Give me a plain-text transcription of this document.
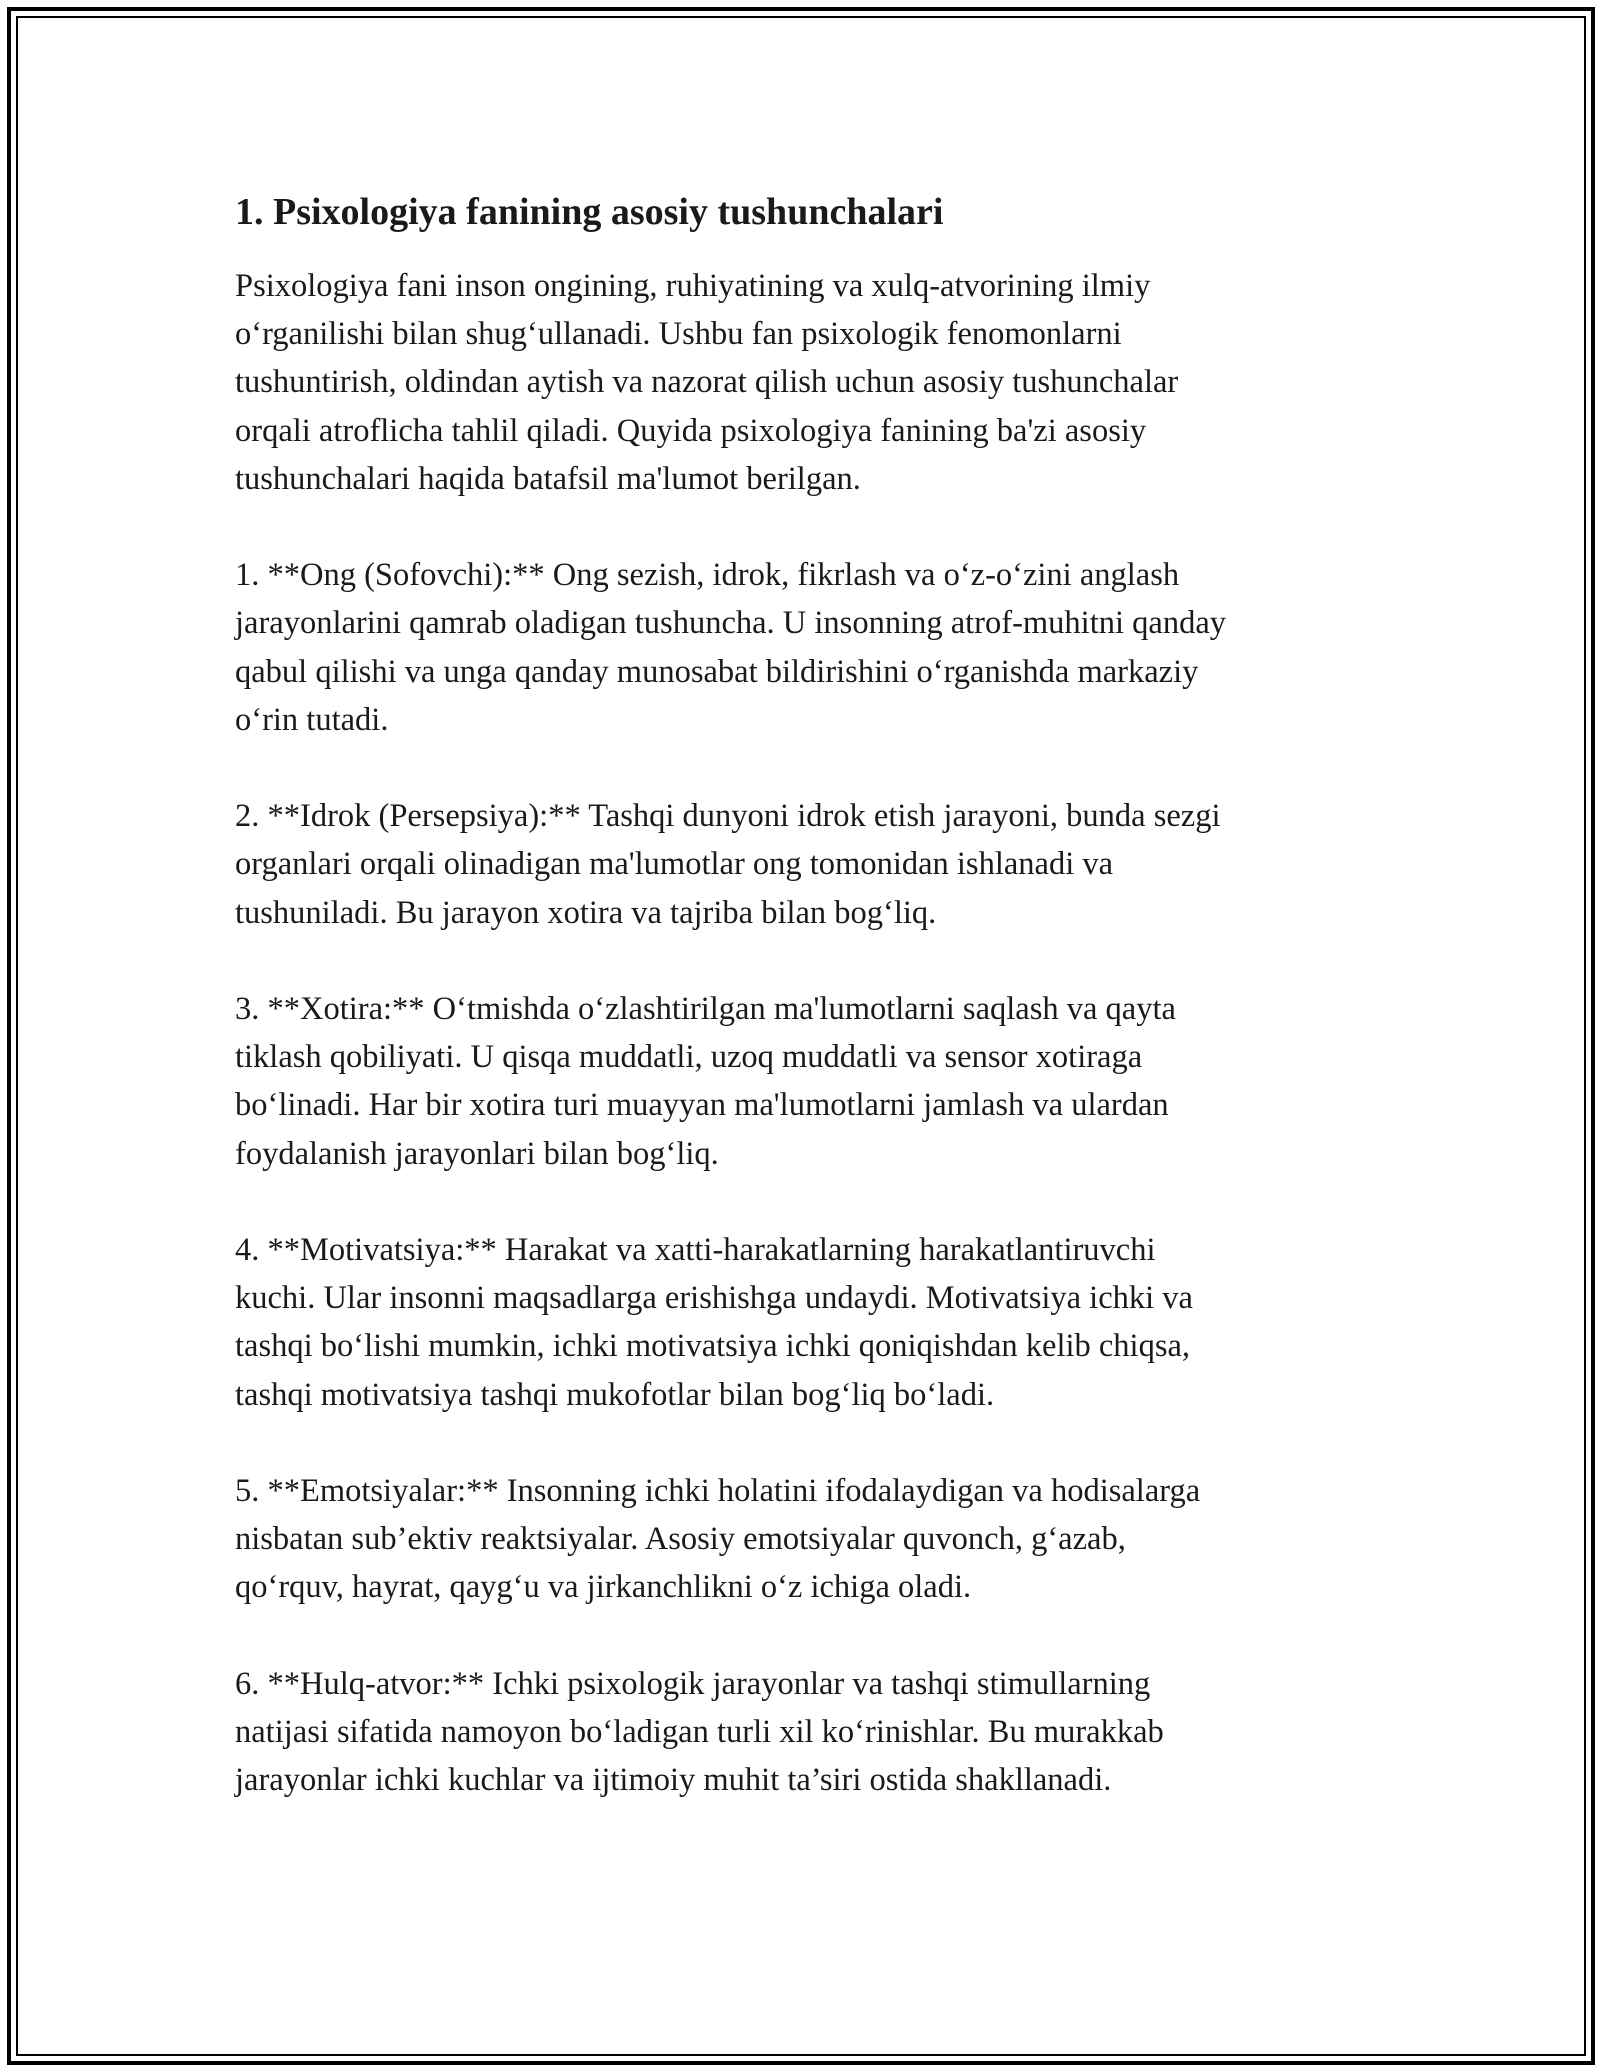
1. Psixologiya fanining asosiy tushunchalari

Psixologiya fani inson ongining, ruhiyatining va xulq-atvorining ilmiy
o‘rganilishi bilan shug‘ullanadi. Ushbu fan psixologik fenomonlarni
tushuntirish, oldindan aytish va nazorat qilish uchun asosiy tushunchalar
orqali atroflicha tahlil qiladi. Quyida psixologiya fanining ba'zi asosiy
tushunchalari haqida batafsil ma'lumot berilgan.

1. **Ong (Sofovchi):** Ong sezish, idrok, fikrlash va o‘z-o‘zini anglash
jarayonlarini qamrab oladigan tushuncha. U insonning atrof-muhitni qanday
qabul qilishi va unga qanday munosabat bildirishini o‘rganishda markaziy
o‘rin tutadi.

2. **Idrok (Persepsiya):** Tashqi dunyoni idrok etish jarayoni, bunda sezgi
organlari orqali olinadigan ma'lumotlar ong tomonidan ishlanadi va
tushuniladi. Bu jarayon xotira va tajriba bilan bog‘liq.

3. **Xotira:** O‘tmishda o‘zlashtirilgan ma'lumotlarni saqlash va qayta
tiklash qobiliyati. U qisqa muddatli, uzoq muddatli va sensor xotiraga
bo‘linadi. Har bir xotira turi muayyan ma'lumotlarni jamlash va ulardan
foydalanish jarayonlari bilan bog‘liq.

4. **Motivatsiya:** Harakat va xatti-harakatlarning harakatlantiruvchi
kuchi. Ular insonni maqsadlarga erishishga undaydi. Motivatsiya ichki va
tashqi bo‘lishi mumkin, ichki motivatsiya ichki qoniqishdan kelib chiqsa,
tashqi motivatsiya tashqi mukofotlar bilan bog‘liq bo‘ladi.

5. **Emotsiyalar:** Insonning ichki holatini ifodalaydigan va hodisalarga
nisbatan sub’ektiv reaktsiyalar. Asosiy emotsiyalar quvonch, g‘azab,
qo‘rquv, hayrat, qayg‘u va jirkanchlikni o‘z ichiga oladi.

6. **Hulq-atvor:** Ichki psixologik jarayonlar va tashqi stimullarning
natijasi sifatida namoyon bo‘ladigan turli xil ko‘rinishlar. Bu murakkab
jarayonlar ichki kuchlar va ijtimoiy muhit ta’siri ostida shakllanadi.
